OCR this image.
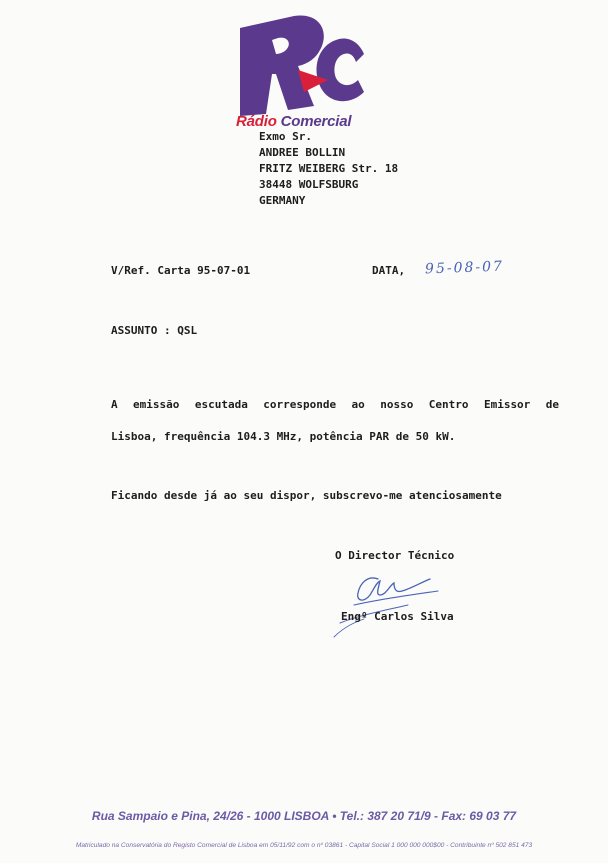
Rádio Comercial
Exmo Sr.
ANDREE BOLLIN
FRITZ WEIBERG Str. 18
38448 WOLFSBURG
GERMANY
V/Ref. Carta 95-07-01	DATA, 95-08-07
ASSUNTO : QSL
A emissão escutada corresponde ao nosso Centro Emissor de
Lisboa, frequência 104.3 MHz, potência PAR de 50 kW.
Ficando desde já ao seu dispor, subscrevo-me atenciosamente
O Director Técnico
Engº Carlos Silva
Rua Sampaio e Pina, 24/26 - 1000 LISBOA • Tel.: 387 20 71/9 - Fax: 69 03 77
Matriculado na Conservatória do Registo Comercial de Lisboa em 05/11/92 com o nº 03861 - Capital Social 1 000 000 000$00 - Contribuinte nº 502 851 473
